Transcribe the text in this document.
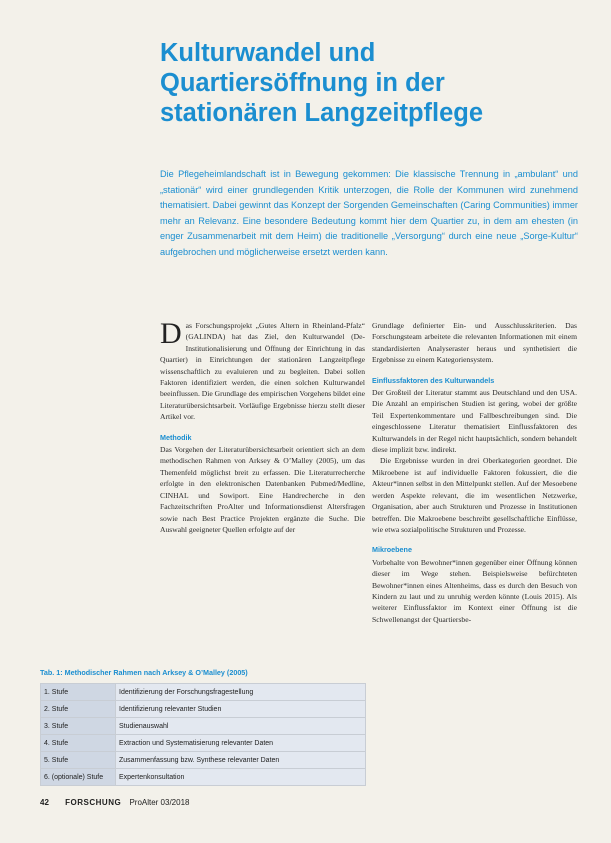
Kulturwandel und
Quartiersöffnung in der
stationären Langzeitpflege

Die Pflegeheimlandschaft ist in Bewegung gekommen: Die klassische Trennung in „ambulant“ und „stationär“ wird einer grundlegenden Kritik unterzogen, die Rolle der Kommunen wird zunehmend thematisiert. Dabei gewinnt das Konzept der Sorgenden Gemeinschaften (Caring Communities) immer mehr an Relevanz. Eine besondere Bedeutung kommt hier dem Quartier zu, in dem am ehesten (in enger Zusammenarbeit mit dem Heim) die traditionelle „Versorgung“ durch eine neue „Sorge-Kultur“ aufgebrochen und möglicherweise ersetzt werden kann.

Das Forschungsprojekt „Gutes Altern in Rheinland-Pfalz“ (GALINDA) hat das Ziel, den Kulturwandel (De-Institutionalisierung und Öffnung der Einrichtung in das Quartier) in Einrichtungen der stationären Langzeitpflege wissenschaftlich zu evaluieren und zu begleiten. Dabei sollen Faktoren identifiziert werden, die einen solchen Kulturwandel beeinflussen. Die Grundlage des empirischen Vorgehens bildet eine Literaturübersichtsarbeit. Vorläufige Ergebnisse hierzu stellt dieser Artikel vor.

Methodik

Das Vorgehen der Literaturübersichtsarbeit orientiert sich an dem methodischen Rahmen von Arksey & O’Malley (2005), um das Themenfeld möglichst breit zu erfassen. Die Literaturrecherche erfolgte in den elektronischen Datenbanken Pubmed/Medline, CINHAL und Sowiport. Eine Handrecherche in den Fachzeitschriften ProAlter und Informationsdienst Altersfragen sowie nach Best Practice Projekten ergänzte die Suche. Die Auswahl geeigneter Quellen erfolgte auf der

Grundlage definierter Ein- und Ausschlusskriterien. Das Forschungsteam arbeitete die relevanten Informationen mit einem standardisierten Analyseraster heraus und synthetisiert die Ergebnisse zu einem Kategoriensystem.

Einflussfaktoren des Kulturwandels

Der Großteil der Literatur stammt aus Deutschland und den USA. Die Anzahl an empirischen Studien ist gering, wobei der größte Teil Expertenkommentare und Fallbeschreibungen sind. Die eingeschlossene Literatur thematisiert Einflussfaktoren des Kulturwandels in der Regel nicht hauptsächlich, sondern behandelt diese implizit bzw. indirekt.

Die Ergebnisse wurden in drei Oberkategorien geordnet. Die Mikroebene ist auf individuelle Faktoren fokussiert, die die Akteur*innen selbst in den Mittelpunkt stellen. Auf der Mesoebene werden Aspekte relevant, die im wesentlichen Netzwerke, Organisation, aber auch Strukturen und Prozesse in Institutionen betreffen. Die Makroebene beschreibt gesellschaftliche Einflüsse, wie etwa sozialpolitische Strukturen und Prozesse.

Mikroebene

Vorbehalte von Bewohner*innen gegenüber einer Öffnung können dieser im Wege stehen. Beispielsweise befürchteten Bewohner*innen eines Altenheims, dass es durch den Besuch von Kindern zu laut und zu unruhig werden könnte (Louis 2015). Als weiterer Einflussfaktor im Kontext einer Öffnung ist die Schwellenangst der Quartiersbe-

Tab. 1: Methodischer Rahmen nach Arksey & O’Malley (2005)
1. Stufe	Identifizierung der Forschungsfragestellung
2. Stufe	Identifizierung relevanter Studien
3. Stufe	Studienauswahl
4. Stufe	Extraction und Systematisierung relevanter Daten
5. Stufe	Zusammenfassung bzw. Synthese relevanter Daten
6. (optionale) Stufe	Expertenkonsultation
42 FORSCHUNG ProAlter 03/2018
